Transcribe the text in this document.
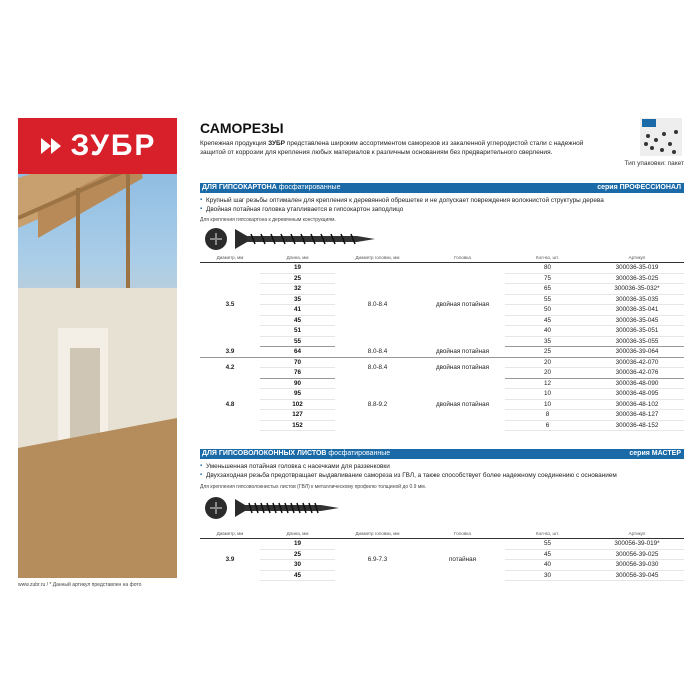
ЗУБР
www.zubr.ru / * Данный артикул представлен на фото
САМОРЕЗЫ
Крепежная продукция ЗУБР представлена широким ассортиментом саморезов из закаленной углеродистой стали с надежной защитой от коррозии для крепления любых материалов к различным основаниям без предварительного сверления.
Тип упаковки: пакет
ДЛЯ ГИПСОКАРТОНА фосфатированные	серия ПРОФЕССИОНАЛ
▪ Крупный шаг резьбы оптимален для крепления к деревянной обрешетке и не допускает повреждения волокнистой структуры дерева
▪ Двойная потайная головка утапливается в гипсокартон заподлицо
Для крепления гипсокартона к деревянным конструкциям.
Диаметр, мм	Длина, мм	Диаметр головки, мм	Головка	Кол-во, шт.	Артикул
3.5	19	8.0-8.4	двойная потайная	80	300036-35-019
	25			75	300036-35-025
	32			65	300036-35-032*
	35			55	300036-35-035
	41			50	300036-35-041
	45			45	300036-35-045
	51			40	300036-35-051
	55			35	300036-35-055
3.9	64	8.0-8.4	двойная потайная	25	300036-39-064
4.2	70	8.0-8.4	двойная потайная	20	300036-42-070
	76			20	300036-42-076
4.8	90	8.8-9.2	двойная потайная	12	300036-48-090
	95			10	300036-48-095
	102			10	300036-48-102
	127			8	300036-48-127
	152			6	300036-48-152
ДЛЯ ГИПСОВОЛОКОННЫХ ЛИСТОВ фосфатированные	серия МАСТЕР
▪ Уменьшенная потайная головка с насечками для раззенковки
▪ Двухзаходная резьба предотвращает выдавливание самореза из ГВЛ, а также способствует более надежному соединению с основанием
Для крепления гипсоволокнистых листов (ГВЛ) к металлическому профилю толщиной до 0.9 мм.
Диаметр, мм	Длина, мм	Диаметр головки, мм	Головка	Кол-во, шт.	Артикул
3.9	19	6.9-7.3	потайная	55	300056-39-019*
	25			45	300056-39-025
	30			40	300056-39-030
	45			30	300056-39-045
